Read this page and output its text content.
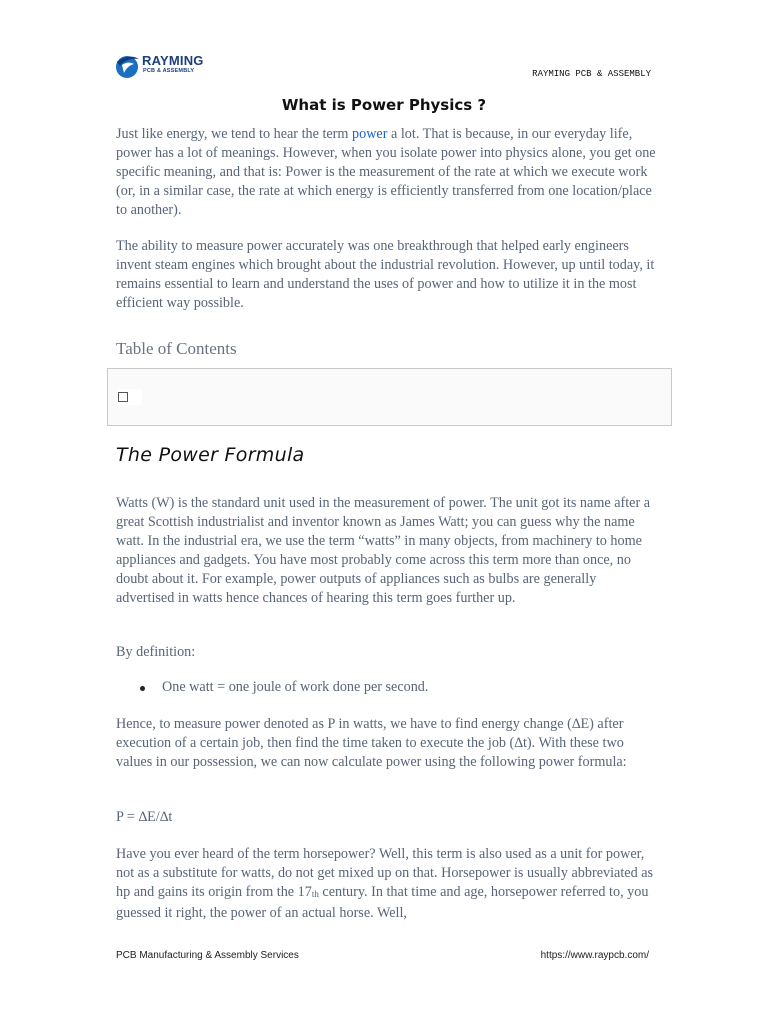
RAYMING
PCB & ASSEMBLY	RAYMING PCB & ASSEMBLY
What is Power Physics ?

Just like energy, we tend to hear the term power a lot. That is because, in our everyday life, power has a lot of meanings. However, when you isolate power into physics alone, you get one specific meaning, and that is: Power is the measurement of the rate at which we execute work (or, in a similar case, the rate at which energy is efficiently transferred from one location/place to another).

The ability to measure power accurately was one breakthrough that helped early engineers invent steam engines which brought about the industrial revolution. However, up until today, it remains essential to learn and understand the uses of power and how to utilize it in the most efficient way possible.

Table of Contents
The Power Formula

Watts (W) is the standard unit used in the measurement of power. The unit got its name after a great Scottish industrialist and inventor known as James Watt; you can guess why the name watt. In the industrial era, we use the term “watts” in many objects, from machinery to home appliances and gadgets. You have most probably come across this term more than once, no doubt about it. For example, power outputs of appliances such as bulbs are generally advertised in watts hence chances of hearing this term goes further up.

By definition:

One watt = one joule of work done per second.

Hence, to measure power denoted as P in watts, we have to find energy change (∆E) after execution of a certain job, then find the time taken to execute the job (∆t). With these two values in our possession, we can now calculate power using the following power formula:

P = ∆E/∆t

Have you ever heard of the term horsepower? Well, this term is also used as a unit for power, not as a substitute for watts, do not get mixed up on that. Horsepower is usually abbreviated as hp and gains its origin from the 17th century. In that time and age, horsepower referred to, you guessed it right, the power of an actual horse. Well,

PCB Manufacturing & Assembly Services	https://www.raypcb.com/
